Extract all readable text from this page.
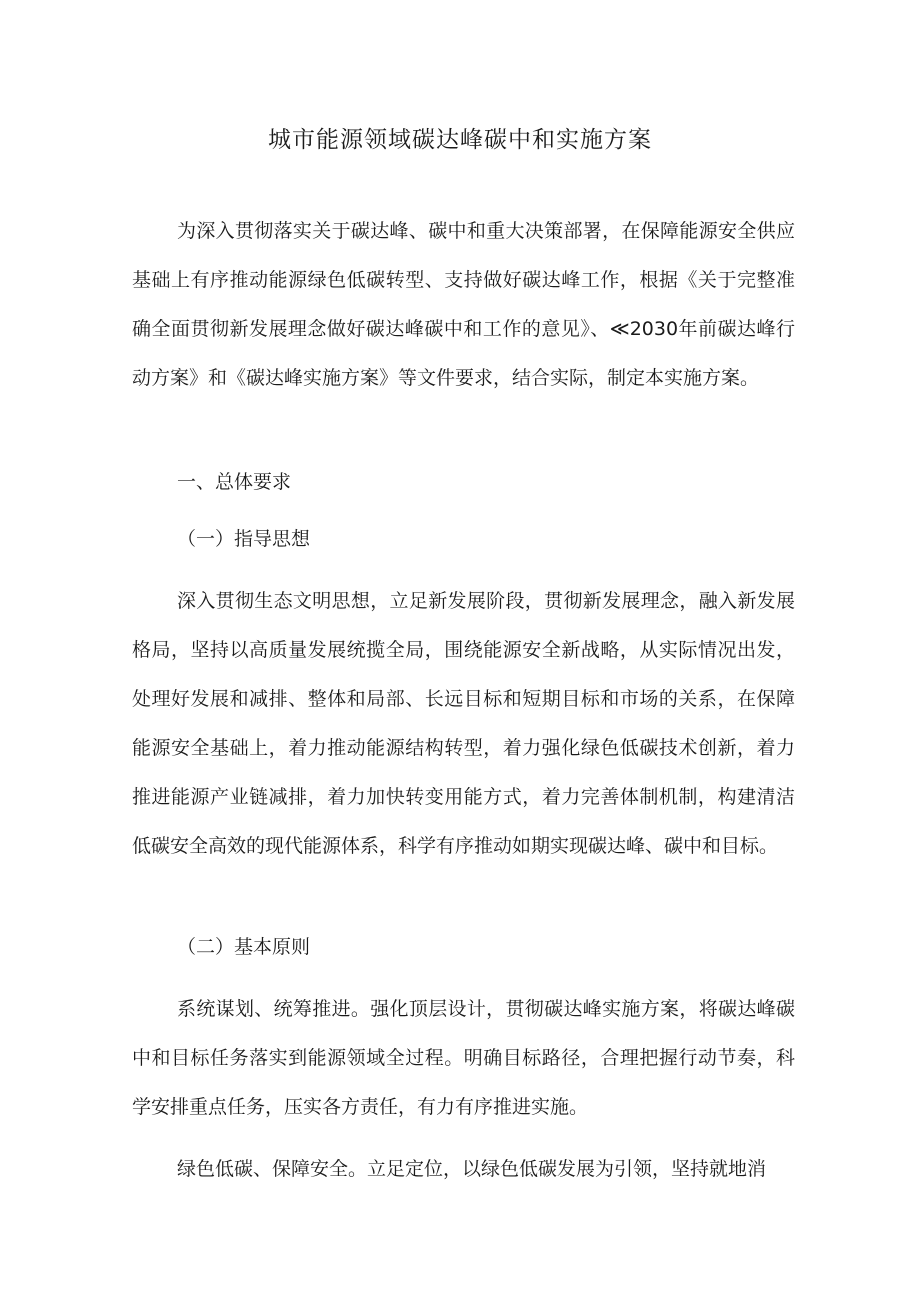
城市能源领域碳达峰碳中和实施方案

为深入贯彻落实关于碳达峰、碳中和重大决策部署，在保障能源安全供应基础上有序推动能源绿色低碳转型、支持做好碳达峰工作，根据《关于完整准确全面贯彻新发展理念做好碳达峰碳中和工作的意见》、≪2030年前碳达峰行动方案》和《碳达峰实施方案》等文件要求，结合实际，制定本实施方案。

一、总体要求

（一）指导思想

深入贯彻生态文明思想，立足新发展阶段，贯彻新发展理念，融入新发展格局，坚持以高质量发展统揽全局，围绕能源安全新战略，从实际情况出发，处理好发展和减排、整体和局部、长远目标和短期目标和市场的关系，在保障能源安全基础上，着力推动能源结构转型，着力强化绿色低碳技术创新，着力推进能源产业链减排，着力加快转变用能方式，着力完善体制机制，构建清洁低碳安全高效的现代能源体系，科学有序推动如期实现碳达峰、碳中和目标。

（二）基本原则

系统谋划、统筹推进。强化顶层设计，贯彻碳达峰实施方案，将碳达峰碳中和目标任务落实到能源领域全过程。明确目标路径，合理把握行动节奏，科学安排重点任务，压实各方责任，有力有序推进实施。

绿色低碳、保障安全。立足定位，以绿色低碳发展为引领，坚持就地消
